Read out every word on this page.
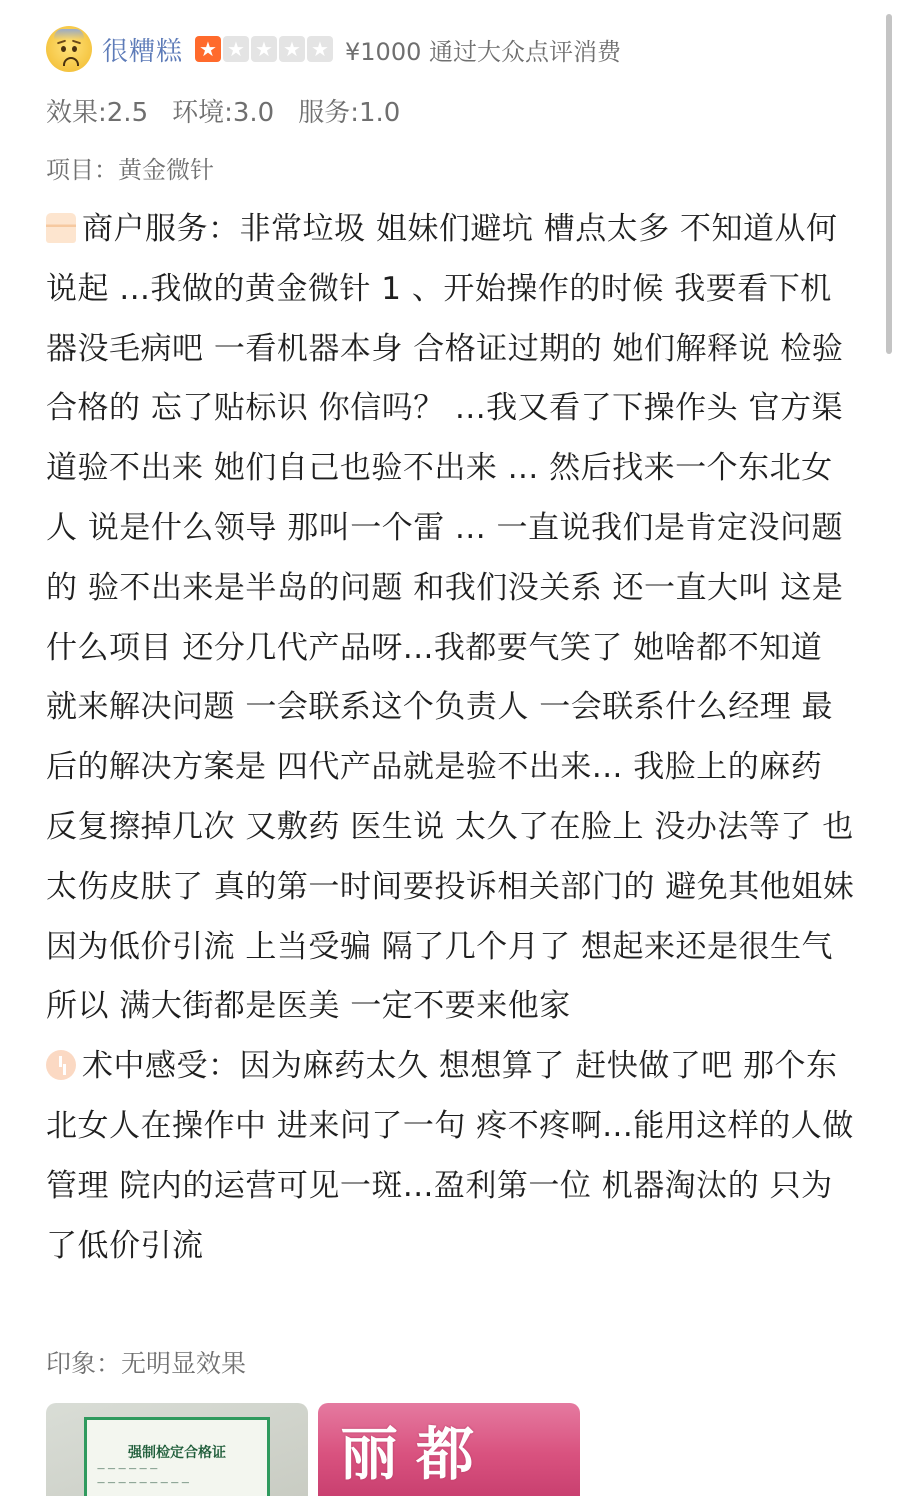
很糟糕 ★ ★ ★ ★ ★ ¥1000 通过大众点评消费
效果:2.5 环境:3.0 服务:1.0
项目：黄金微针

商户服务：非常垃圾 姐妹们避坑 槽点太多 不知道从何说起 ...我做的黄金微针 1 、开始操作的时候 我要看下机器没毛病吧 一看机器本身 合格证过期的 她们解释说 检验合格的 忘了贴标识 你信吗？ ...我又看了下操作头 官方渠道验不出来 她们自己也验不出来 ... 然后找来一个东北女人 说是什么领导 那叫一个雷 ... 一直说我们是肯定没问题的 验不出来是半岛的问题 和我们没关系 还一直大叫 这是什么项目 还分几代产品呀...我都要气笑了 她啥都不知道 就来解决问题 一会联系这个负责人 一会联系什么经理 最后的解决方案是 四代产品就是验不出来... 我脸上的麻药 反复擦掉几次 又敷药 医生说 太久了在脸上 没办法等了 也太伤皮肤了 真的第一时间要投诉相关部门的 避免其他姐妹因为低价引流 上当受骗 隔了几个月了 想起来还是很生气 所以 满大街都是医美 一定不要来他家

术中感受：因为麻药太久 想想算了 赶快做了吧 那个东北女人在操作中 进来问了一句 疼不疼啊...能用这样的人做管理 院内的运营可见一斑...盈利第一位 机器淘汰的 只为了低价引流

印象：无明显效果
强制检定合格证
— — — — — —
— — — — — — — — —	丽都
